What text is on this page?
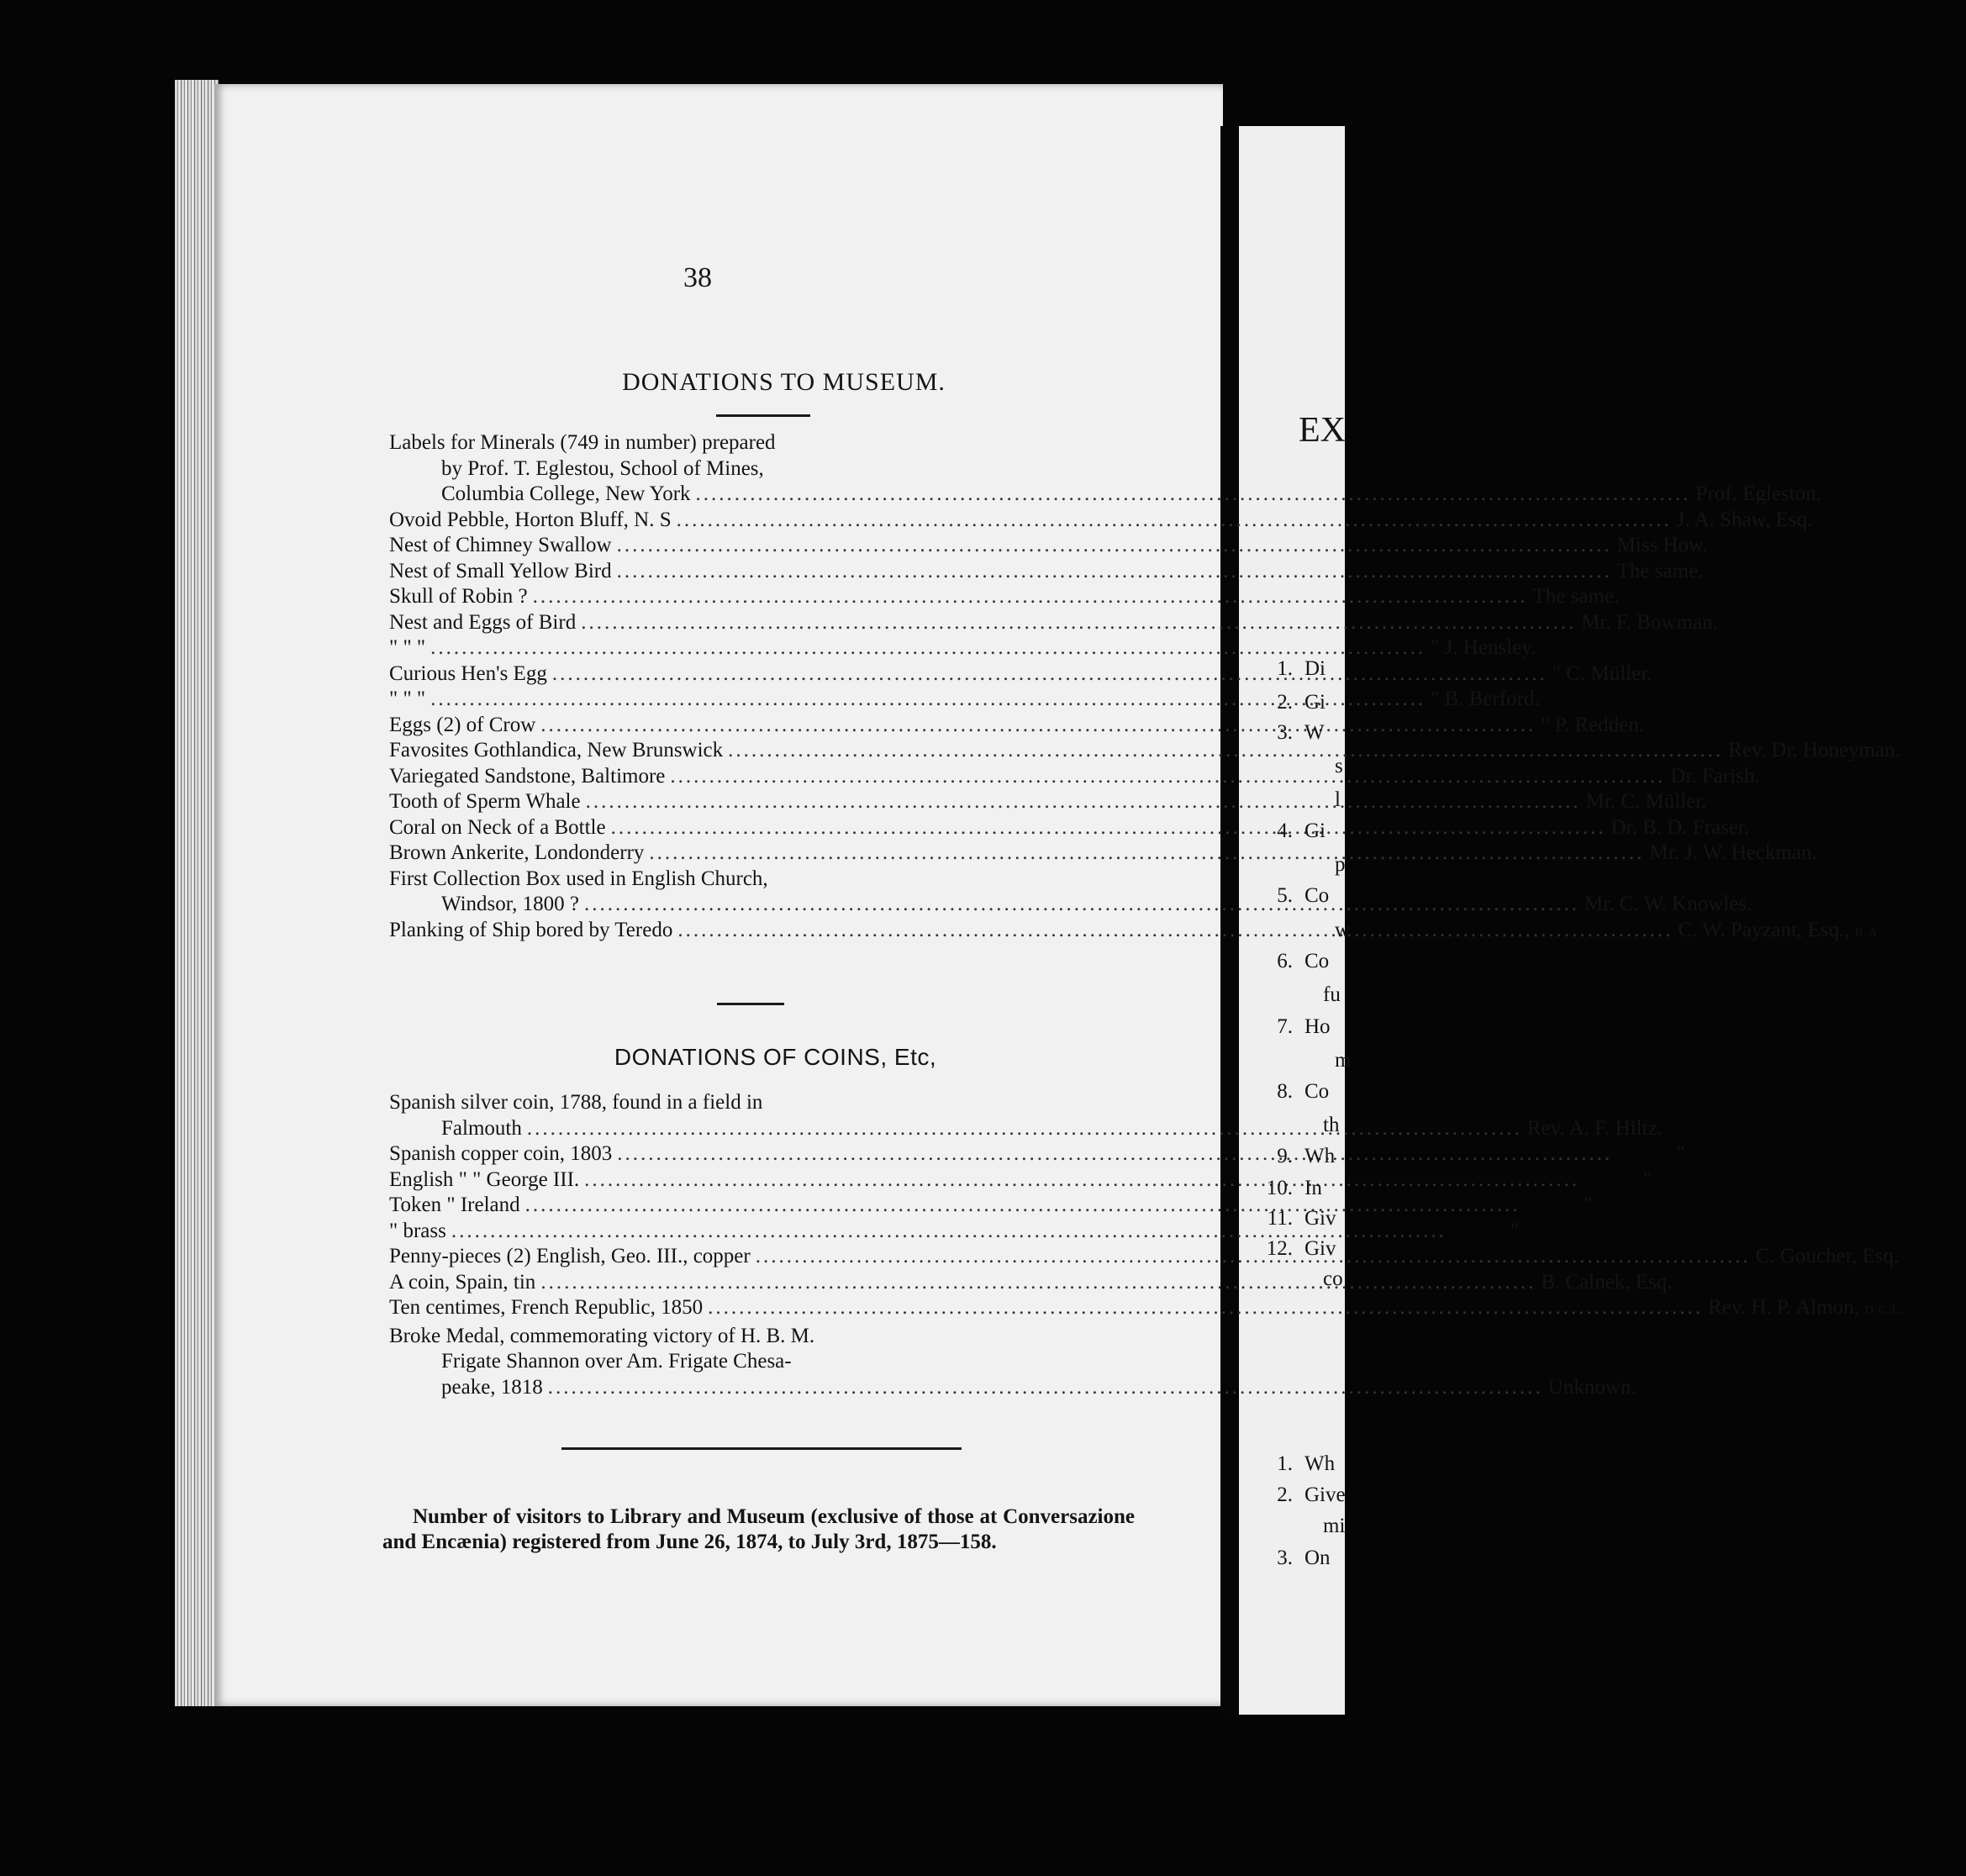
38
DONATIONS TO MUSEUM.
Labels for Minerals (749 in number) prepared
by Prof. T. Eglestou, School of Mines,
Columbia College, New York .....	Prof. Egleston.
Ovoid Pebble, Horton Bluff, N. S .....	J. A. Shaw, Esq.
Nest of Chimney Swallow .....	Miss How.
Nest of Small Yellow Bird .....	The same.
Skull of Robin ? .....	The same.
Nest and Eggs of Bird .....	Mr. F. Bowman.
" " " .....	" J. Hensley.
Curious Hen's Egg .....	" C. Müller.
" " " .....	" B. Berford.
Eggs (2) of Crow .....	" P. Redden.
Favosites Gothlandica, New Brunswick .....	Rev. Dr. Honeyman.
Variegated Sandstone, Baltimore .....	Dr. Farish.
Tooth of Sperm Whale .....	Mr. C. Müller.
Coral on Neck of a Bottle .....	Dr. B. D. Fraser.
Brown Ankerite, Londonderry .....	Mr. J. W. Heckman.
First Collection Box used in English Church,
Windsor, 1800 ? .....	Mr. C. W. Knowles.
Planking of Ship bored by Teredo .....	C. W. Payzant, Esq., B.A
DONATIONS OF COINS, Etc,
Spanish silver coin, 1788, found in a field in
Falmouth .....	Rev. A. F. Hiltz.
Spanish copper coin, 1803 .....	"
English " " George III. .....	"
Token " Ireland .....	"
" brass .....	"
Penny-pieces (2) English, Geo. III., copper .....	C. Goucher, Esq.
A coin, Spain, tin .....	B. Calnek, Esq.
Ten centimes, French Republic, 1850 .....	Rev. H. P. Almon, D.C.L.
Broke Medal, commemorating victory of H. B. M.
Frigate Shannon over Am. Frigate Chesa-
peake, 1818 .....	Unknown.

Number of visitors to Library and Museum (exclusive of those at Conversazione and Encænia) registered from June 26, 1874, to July 3rd, 1875—158.

EX
1. Di
2. Gi
3. W
s
l
4. Gi
p
5. Co
w
6. Co
fu
7. Ho
m
8. Co
th
9. Wh
10. In
11. Giv
12. Giv
co
1. Wh
2. Give
mi
3. On
